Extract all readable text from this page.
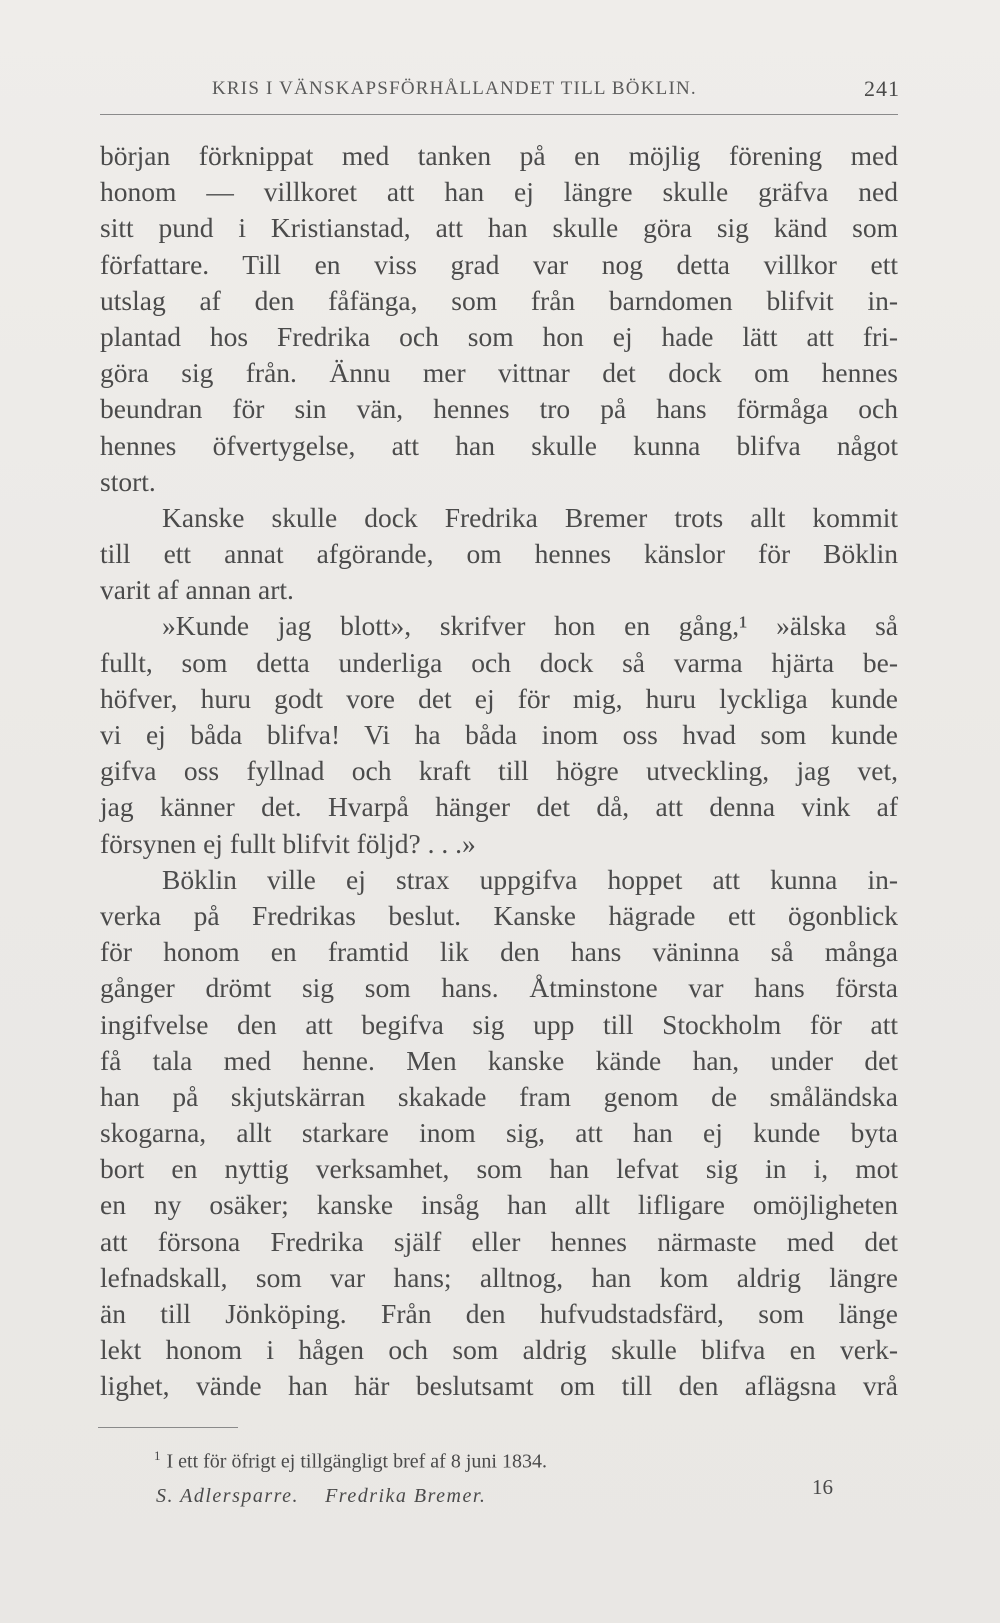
KRIS I VÄNSKAPSFÖRHÅLLANDET TILL BÖKLIN.	241
början förknippat med tanken på en möjlig förening med
honom — villkoret att han ej längre skulle gräfva ned
sitt pund i Kristianstad, att han skulle göra sig känd som
författare. Till en viss grad var nog detta villkor ett
utslag af den fåfänga, som från barndomen blifvit in-
plantad hos Fredrika och som hon ej hade lätt att fri-
göra sig från. Ännu mer vittnar det dock om hennes
beundran för sin vän, hennes tro på hans förmåga och
hennes öfvertygelse, att han skulle kunna blifva något
stort.
Kanske skulle dock Fredrika Bremer trots allt kommit
till ett annat afgörande, om hennes känslor för Böklin
varit af annan art.
»Kunde jag blott», skrifver hon en gång,¹ »älska så
fullt, som detta underliga och dock så varma hjärta be-
höfver, huru godt vore det ej för mig, huru lyckliga kunde
vi ej båda blifva! Vi ha båda inom oss hvad som kunde
gifva oss fyllnad och kraft till högre utveckling, jag vet,
jag känner det. Hvarpå hänger det då, att denna vink af
försynen ej fullt blifvit följd? . . .»
Böklin ville ej strax uppgifva hoppet att kunna in-
verka på Fredrikas beslut. Kanske hägrade ett ögonblick
för honom en framtid lik den hans väninna så många
gånger drömt sig som hans. Åtminstone var hans första
ingifvelse den att begifva sig upp till Stockholm för att
få tala med henne. Men kanske kände han, under det
han på skjutskärran skakade fram genom de småländska
skogarna, allt starkare inom sig, att han ej kunde byta
bort en nyttig verksamhet, som han lefvat sig in i, mot
en ny osäker; kanske insåg han allt lifligare omöjligheten
att försona Fredrika själf eller hennes närmaste med det
lefnadskall, som var hans; alltnog, han kom aldrig längre
än till Jönköping. Från den hufvudstadsfärd, som länge
lekt honom i hågen och som aldrig skulle blifva en verk-
lighet, vände han här beslutsamt om till den aflägsna vrå
$^1$ I ett för öfrigt ej tillgängligt bref af 8 juni 1834.
S. Adlersparre. Fredrika Bremer.	16
